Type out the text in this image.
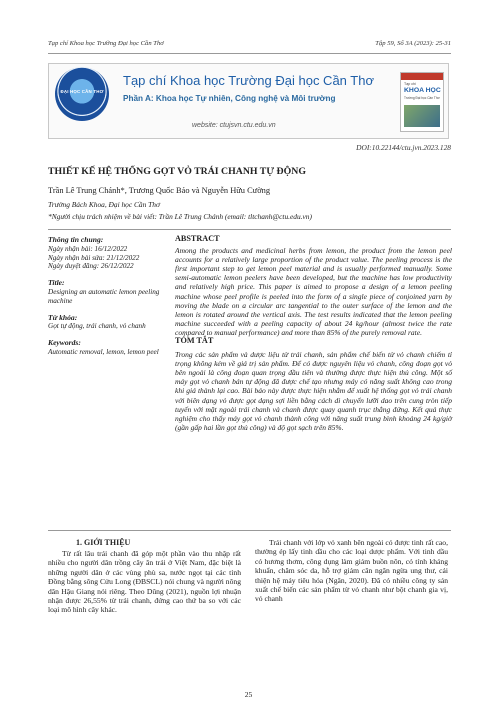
Tạp chí Khoa học Trường Đại học Cần Thơ	Tập 59, Số 3A (2023): 25-31
ĐẠI HỌC CẦN THƠ
Tạp chí Khoa học Trường Đại học Cần Thơ
Phần A: Khoa học Tự nhiên, Công nghệ và Môi trường
website: ctujsvn.ctu.edu.vn
Tạp chí
KHOA HỌC
Trường Đại học Cần Thơ
DOI:10.22144/ctu.jvn.2023.128
THIẾT KẾ HỆ THỐNG GỌT VỎ TRÁI CHANH TỰ ĐỘNG
Trần Lê Trung Chánh*, Trương Quốc Bảo và Nguyễn Hữu Cường
Trường Bách Khoa, Đại học Cần Thơ
*Người chịu trách nhiệm về bài viết: Trần Lê Trung Chánh (email: tltchanh@ctu.edu.vn)
Thông tin chung:
Ngày nhận bài: 16/12/2022
Ngày nhận bài sửa: 21/12/2022
Ngày duyệt đăng: 26/12/2022
Title:
Designing an automatic lemon peeling machine
Từ khóa:
Gọt tự động, trái chanh, vỏ chanh
Keywords:
Automatic removal, lemon, lemon peel
ABSTRACT

Among the products and medicinal herbs from lemon, the product from the lemon peel accounts for a relatively large proportion of the product value. The peeling process is the first important step to get lemon peel material and is usually performed manually. Some semi-automatic lemon peelers have been developed, but the machine has low productivity and relatively high price. This paper is aimed to propose a design of a lemon peeling machine whose peel profile is peeled into the form of a single piece of conjoined yarn by moving the blade on a circular arc tangential to the outer surface of the lemon and the lemon is rotated around the vertical axis. The test results indicated that the lemon peeling machine succeeded with a peeling capacity of about 24 kg/hour (almost twice the rate compared to manual performance) and more than 85% of the purely removal rate.

TÓM TẮT

Trong các sản phẩm và dược liệu từ trái chanh, sản phẩm chế biến từ vỏ chanh chiếm tỉ trọng không kém về giá trị sản phẩm. Để có được nguyên liệu vỏ chanh, công đoạn gọt vỏ bên ngoài là công đoạn quan trọng đầu tiên và thường được thực hiện thủ công. Một số máy gọt vỏ chanh bán tự động đã được chế tạo nhưng máy có năng suất không cao trong khi giá thành lại cao. Bài báo này được thực hiện nhằm để xuất hệ thống gọt vỏ trái chanh với biên dạng vỏ được gọt dạng sợi liền bằng cách di chuyển lưỡi dao trên cung tròn tiếp tuyến với mặt ngoài trái chanh và chanh được quay quanh trục thẳng đứng. Kết quả thực nghiệm cho thấy máy gọt vỏ chanh thành công với năng suất trung bình khoảng 24 kg/giờ (gần gấp hai lần gọt thủ công) và độ gọt sạch trên 85%.

1. GIỚI THIỆU

Từ rất lâu trái chanh đã góp một phần vào thu nhập rất nhiều cho người dân trồng cây ăn trái ở Việt Nam, đặc biệt là những người dân ở các vùng phù sa, nước ngọt tại các tỉnh Đồng bằng sông Cửu Long (ĐBSCL) nói chung và người nông dân Hậu Giang nói riêng. Theo Dũng (2021), nguồn lợi nhuận nhận được 26,55% từ trái chanh, đứng cao thứ ba so với các loại mô hình cây khác.

Trái chanh với lớp vỏ xanh bên ngoài có được tinh rất cao, thường ép lấy tinh dầu cho các loại dược phẩm. Với tinh dầu có hương thơm, công dụng làm giảm buồn nôn, có tính kháng khuẩn, chăm sóc da, hỗ trợ giảm cân ngăn ngừa ung thư, cải thiện hệ máy tiêu hóa (Ngân, 2020). Đã có nhiều công ty sản xuất chế biến các sản phẩm từ vỏ chanh như bột chanh gia vị, vỏ chanh

25
